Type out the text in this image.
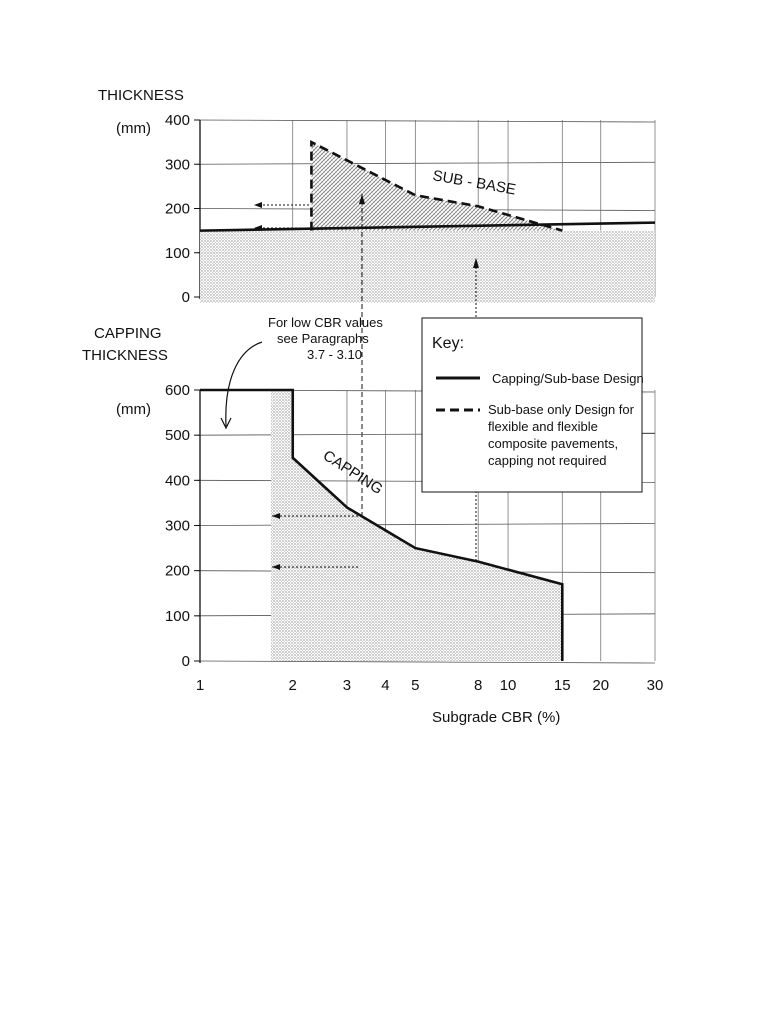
THICKNESS
(mm)
CAPPING
THICKNESS
(mm)
0
100
200
300
400
SUB - BASE
0
100
200
300
400
500
600
CAPPING
For low CBR values
see Paragraphs
3.7 - 3.10
Key:
Capping/Sub-base Design
Sub-base only Design for
flexible and flexible
composite pavements,
capping not required
Subgrade CBR (%)
1	2	3 4 5	8 10	15 20	30
